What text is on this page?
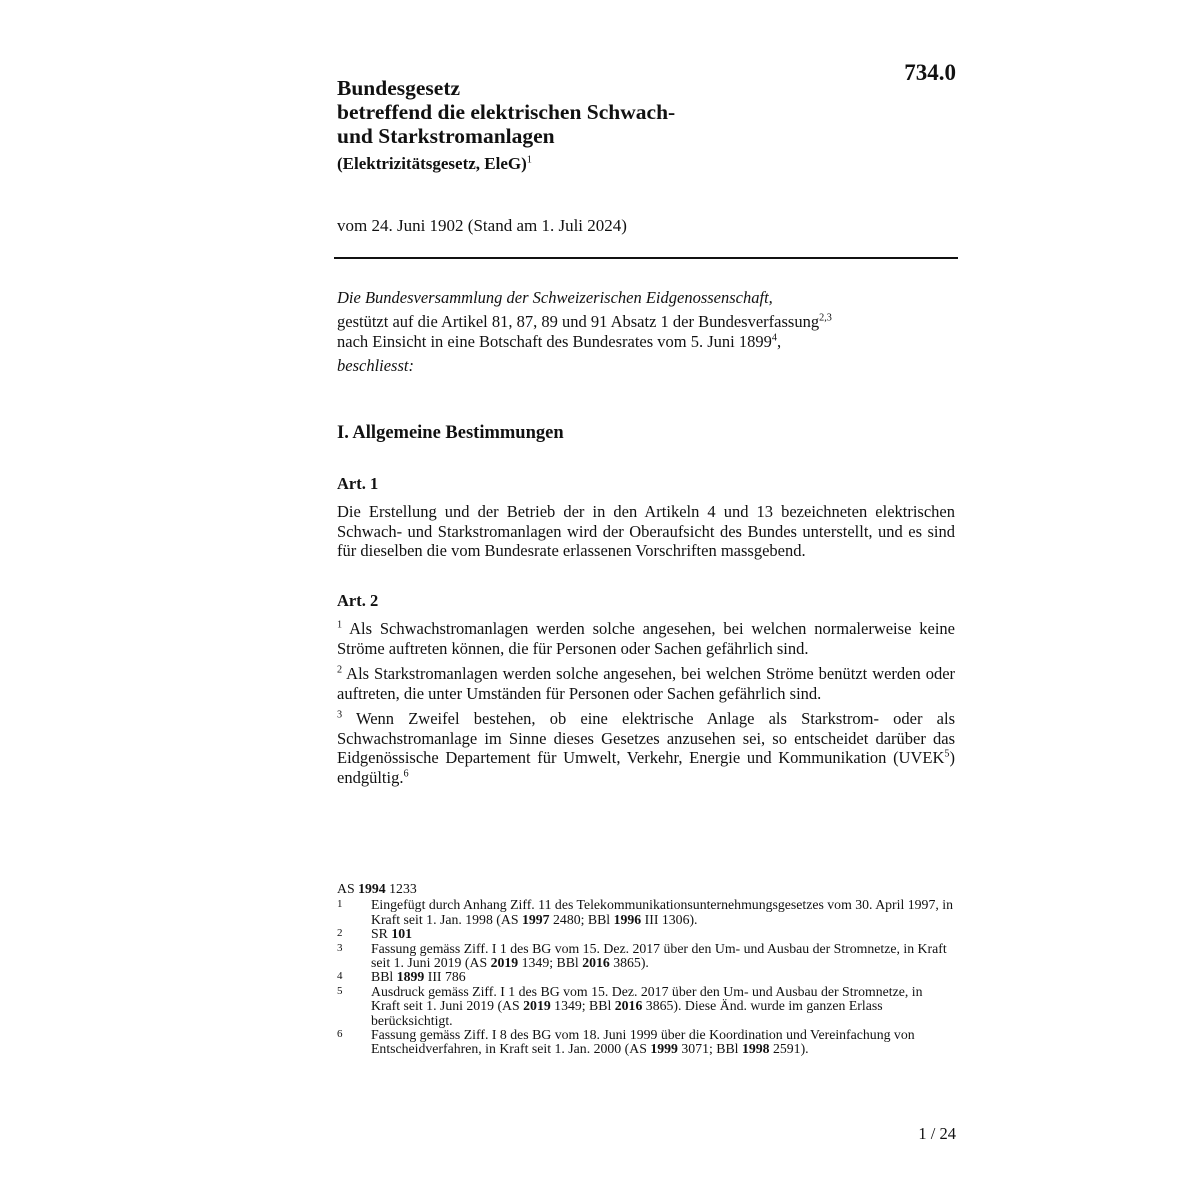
734.0
Bundesgesetz
betreffend die elektrischen Schwach-
und Starkstromanlagen
(Elektrizitätsgesetz, EleG)$^1$
vom 24. Juni 1902 (Stand am 1. Juli 2024)

Die Bundesversammlung der Schweizerischen Eidgenossenschaft,

gestützt auf die Artikel 81, 87, 89 und 91 Absatz 1 der Bundesverfassung$^{2,3}$

nach Einsicht in eine Botschaft des Bundesrates vom 5. Juni 1899$^4$,

beschliesst:

I. Allgemeine Bestimmungen
Art. 1

Die Erstellung und der Betrieb der in den Artikeln 4 und 13 bezeichneten elektrischen Schwach- und Starkstromanlagen wird der Oberaufsicht des Bundes unterstellt, und es sind für dieselben die vom Bundesrate erlassenen Vorschriften massgebend.

Art. 2

$^1$ Als Schwachstromanlagen werden solche angesehen, bei welchen normalerweise keine Ströme auftreten können, die für Personen oder Sachen gefährlich sind.

$^2$ Als Starkstromanlagen werden solche angesehen, bei welchen Ströme benützt werden oder auftreten, die unter Umständen für Personen oder Sachen gefährlich sind.

$^3$ Wenn Zweifel bestehen, ob eine elektrische Anlage als Starkstrom- oder als Schwachstromanlage im Sinne dieses Gesetzes anzusehen sei, so entscheidet darüber das Eidgenössische Departement für Umwelt, Verkehr, Energie und Kommunikation (UVEK$^5$) endgültig.$^6$

AS 1994 1233
1	Eingefügt durch Anhang Ziff. 11 des Telekommunikationsunternehmungsgesetzes vom 30. April 1997, in Kraft seit 1. Jan. 1998 (AS 1997 2480; BBl 1996 III 1306).
2	SR 101
3	Fassung gemäss Ziff. I 1 des BG vom 15. Dez. 2017 über den Um- und Ausbau der Stromnetze, in Kraft seit 1. Juni 2019 (AS 2019 1349; BBl 2016 3865).
4	BBl 1899 III 786
5	Ausdruck gemäss Ziff. I 1 des BG vom 15. Dez. 2017 über den Um- und Ausbau der Stromnetze, in Kraft seit 1. Juni 2019 (AS 2019 1349; BBl 2016 3865). Diese Änd. wurde im ganzen Erlass berücksichtigt.
6	Fassung gemäss Ziff. I 8 des BG vom 18. Juni 1999 über die Koordination und Vereinfachung von Entscheidverfahren, in Kraft seit 1. Jan. 2000 (AS 1999 3071; BBl 1998 2591).
1 / 24
